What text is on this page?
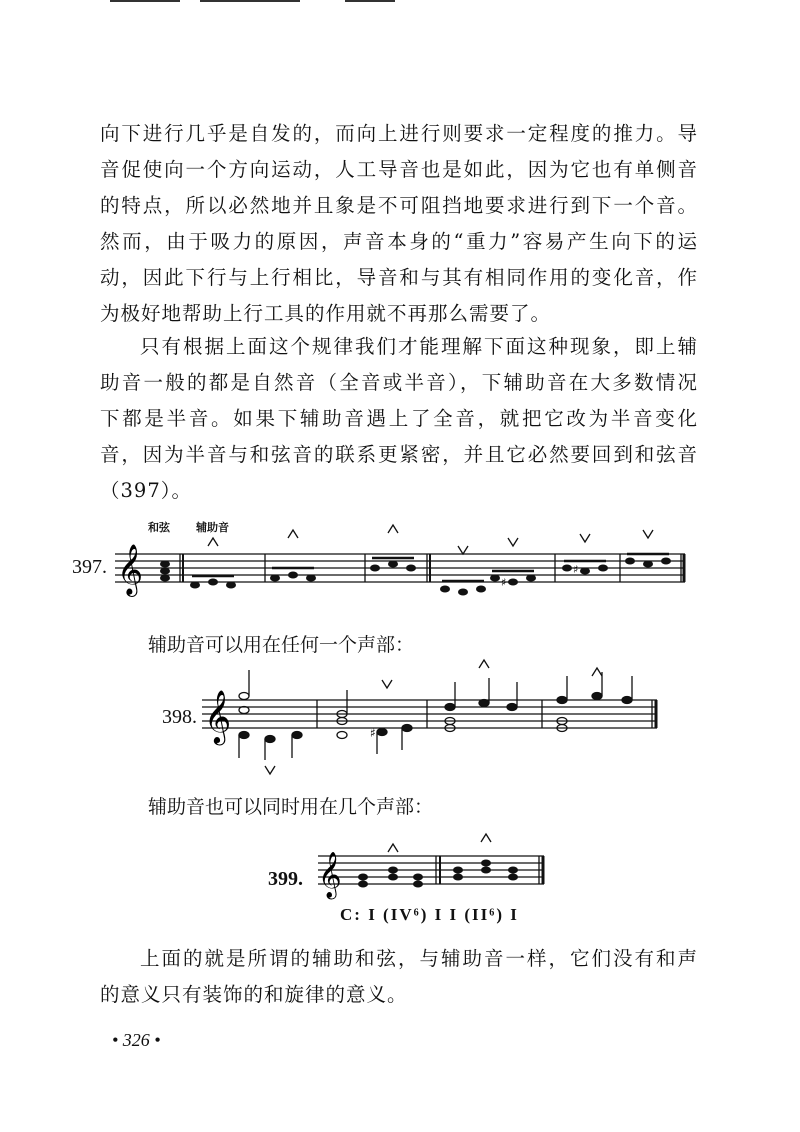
向下进行几乎是自发的，而向上进行则要求一定程度的推力。导
音促使向一个方向运动，人工导音也是如此，因为它也有单侧音
的特点，所以必然地并且象是不可阻挡地要求进行到下一个音。
然而，由于吸力的原因，声音本身的“重力”容易产生向下的运
动，因此下行与上行相比，导音和与其有相同作用的变化音，作
为极好地帮助上行工具的作用就不再那么需要了。

只有根据上面这个规律我们才能理解下面这种现象，即上辅
助音一般的都是自然音（全音或半音），下辅助音在大多数情况
下都是半音。如果下辅助音遇上了全音，就把它改为半音变化
音，因为半音与和弦音的联系更紧密，并且它必然要回到和弦音
（397）。

和弦 辅助音
397. 𝄞	♯
♯

辅助音可以用在任何一个声部：

398. 𝄞	♯

辅助音也可以同时用在几个声部：

399. 𝄞
C: I (IV⁶) I I (II⁶) I

上面的就是所谓的辅助和弦，与辅助音一样，它们没有和声
的意义只有装饰的和旋律的意义。

• 326 •
